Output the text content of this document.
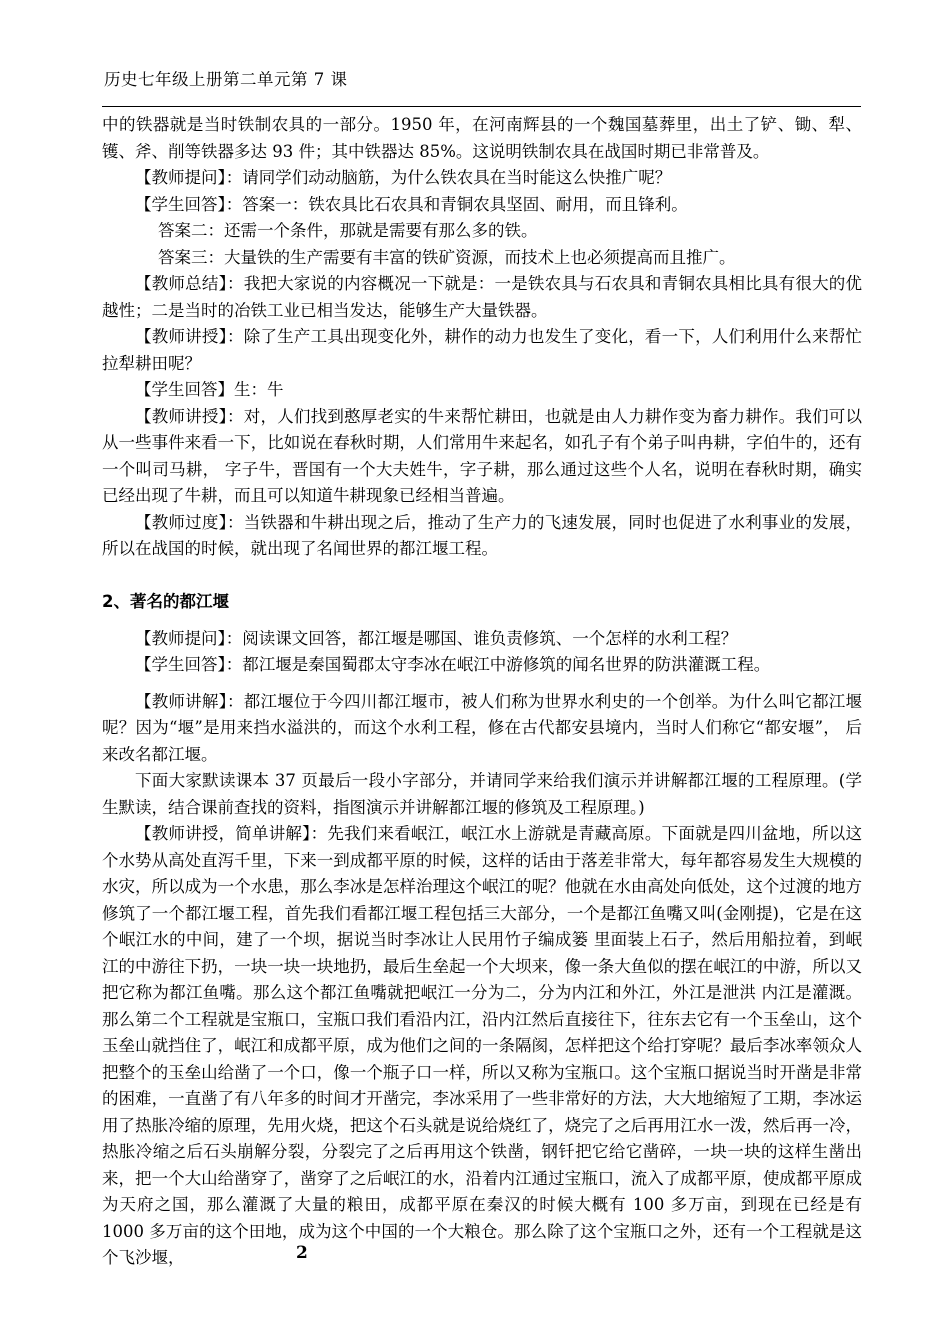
历史七年级上册第二单元第 7 课

中的铁器就是当时铁制农具的一部分。1950 年，在河南辉县的一个魏国墓葬里，出土了铲、锄、犁、镬、斧、削等铁器多达 93 件；其中铁器达 85%。这说明铁制农具在战国时期已非常普及。

【教师提问】：请同学们动动脑筋，为什么铁农具在当时能这么快推广呢？

【学生回答】：答案一：铁农具比石农具和青铜农具坚固、耐用，而且锋利。

答案二：还需一个条件，那就是需要有那么多的铁。

答案三：大量铁的生产需要有丰富的铁矿资源，而技术上也必须提高而且推广。

【教师总结】：我把大家说的内容概况一下就是：一是铁农具与石农具和青铜农具相比具有很大的优越性；二是当时的冶铁工业已相当发达，能够生产大量铁器。

【教师讲授】：除了生产工具出现变化外，耕作的动力也发生了变化，看一下，人们利用什么来帮忙拉犁耕田呢？

【学生回答】生：牛

【教师讲授】：对，人们找到憨厚老实的牛来帮忙耕田，也就是由人力耕作变为畜力耕作。我们可以从一些事件来看一下，比如说在春秋时期，人们常用牛来起名，如孔子有个弟子叫冉耕，字伯牛的，还有一个叫司马耕， 字子牛，晋国有一个大夫姓牛，字子耕，那么通过这些个人名，说明在春秋时期，确实已经出现了牛耕，而且可以知道牛耕现象已经相当普遍。

【教师过度】：当铁器和牛耕出现之后，推动了生产力的飞速发展，同时也促进了水利事业的发展，所以在战国的时候，就出现了名闻世界的都江堰工程。

2、著名的都江堰

【教师提问】：阅读课文回答，都江堰是哪国、谁负责修筑、一个怎样的水利工程？

【学生回答】：都江堰是秦国蜀郡太守李冰在岷江中游修筑的闻名世界的防洪灌溉工程。

【教师讲解】：都江堰位于今四川都江堰市，被人们称为世界水利史的一个创举。为什么叫它都江堰呢？因为“堰”是用来挡水溢洪的，而这个水利工程，修在古代都安县境内，当时人们称它“都安堰”， 后来改名都江堰。

下面大家默读课本 37 页最后一段小字部分，并请同学来给我们演示并讲解都江堰的工程原理。(学生默读，结合课前查找的资料，指图演示并讲解都江堰的修筑及工程原理。)

【教师讲授，简单讲解】：先我们来看岷江，岷江水上游就是青藏高原。下面就是四川盆地，所以这个水势从高处直泻千里，下来一到成都平原的时候，这样的话由于落差非常大，每年都容易发生大规模的水灾，所以成为一个水患，那么李冰是怎样治理这个岷江的呢？他就在水由高处向低处，这个过渡的地方修筑了一个都江堰工程，首先我们看都江堰工程包括三大部分，一个是都江鱼嘴又叫(金刚提)，它是在这个岷江水的中间，建了一个坝，据说当时李冰让人民用竹子编成篓 里面装上石子，然后用船拉着，到岷江的中游往下扔，一块一块一块地扔，最后生垒起一个大坝来，像一条大鱼似的摆在岷江的中游，所以又把它称为都江鱼嘴。那么这个都江鱼嘴就把岷江一分为二，分为内江和外江，外江是泄洪 内江是灌溉。那么第二个工程就是宝瓶口，宝瓶口我们看沿内江，沿内江然后直接往下，往东去它有一个玉垒山，这个玉垒山就挡住了，岷江和成都平原，成为他们之间的一条隔阂，怎样把这个给打穿呢？最后李冰率领众人把整个的玉垒山给凿了一个口，像一个瓶子口一样，所以又称为宝瓶口。这个宝瓶口据说当时开凿是非常的困难，一直凿了有八年多的时间才开凿完，李冰采用了一些非常好的方法，大大地缩短了工期，李冰运用了热胀冷缩的原理，先用火烧，把这个石头就是说给烧红了，烧完了之后再用江水一泼，然后再一冷，热胀冷缩之后石头崩解分裂，分裂完了之后再用这个铁凿，钢钎把它给它凿碎，一块一块的这样生凿出来，把一个大山给凿穿了，凿穿了之后岷江的水，沿着内江通过宝瓶口，流入了成都平原，使成都平原成为天府之国，那么灌溉了大量的粮田，成都平原在秦汉的时候大概有 100 多万亩，到现在已经是有 1000 多万亩的这个田地，成为这个中国的一个大粮仓。那么除了这个宝瓶口之外，还有一个工程就是这个飞沙堰，	2
